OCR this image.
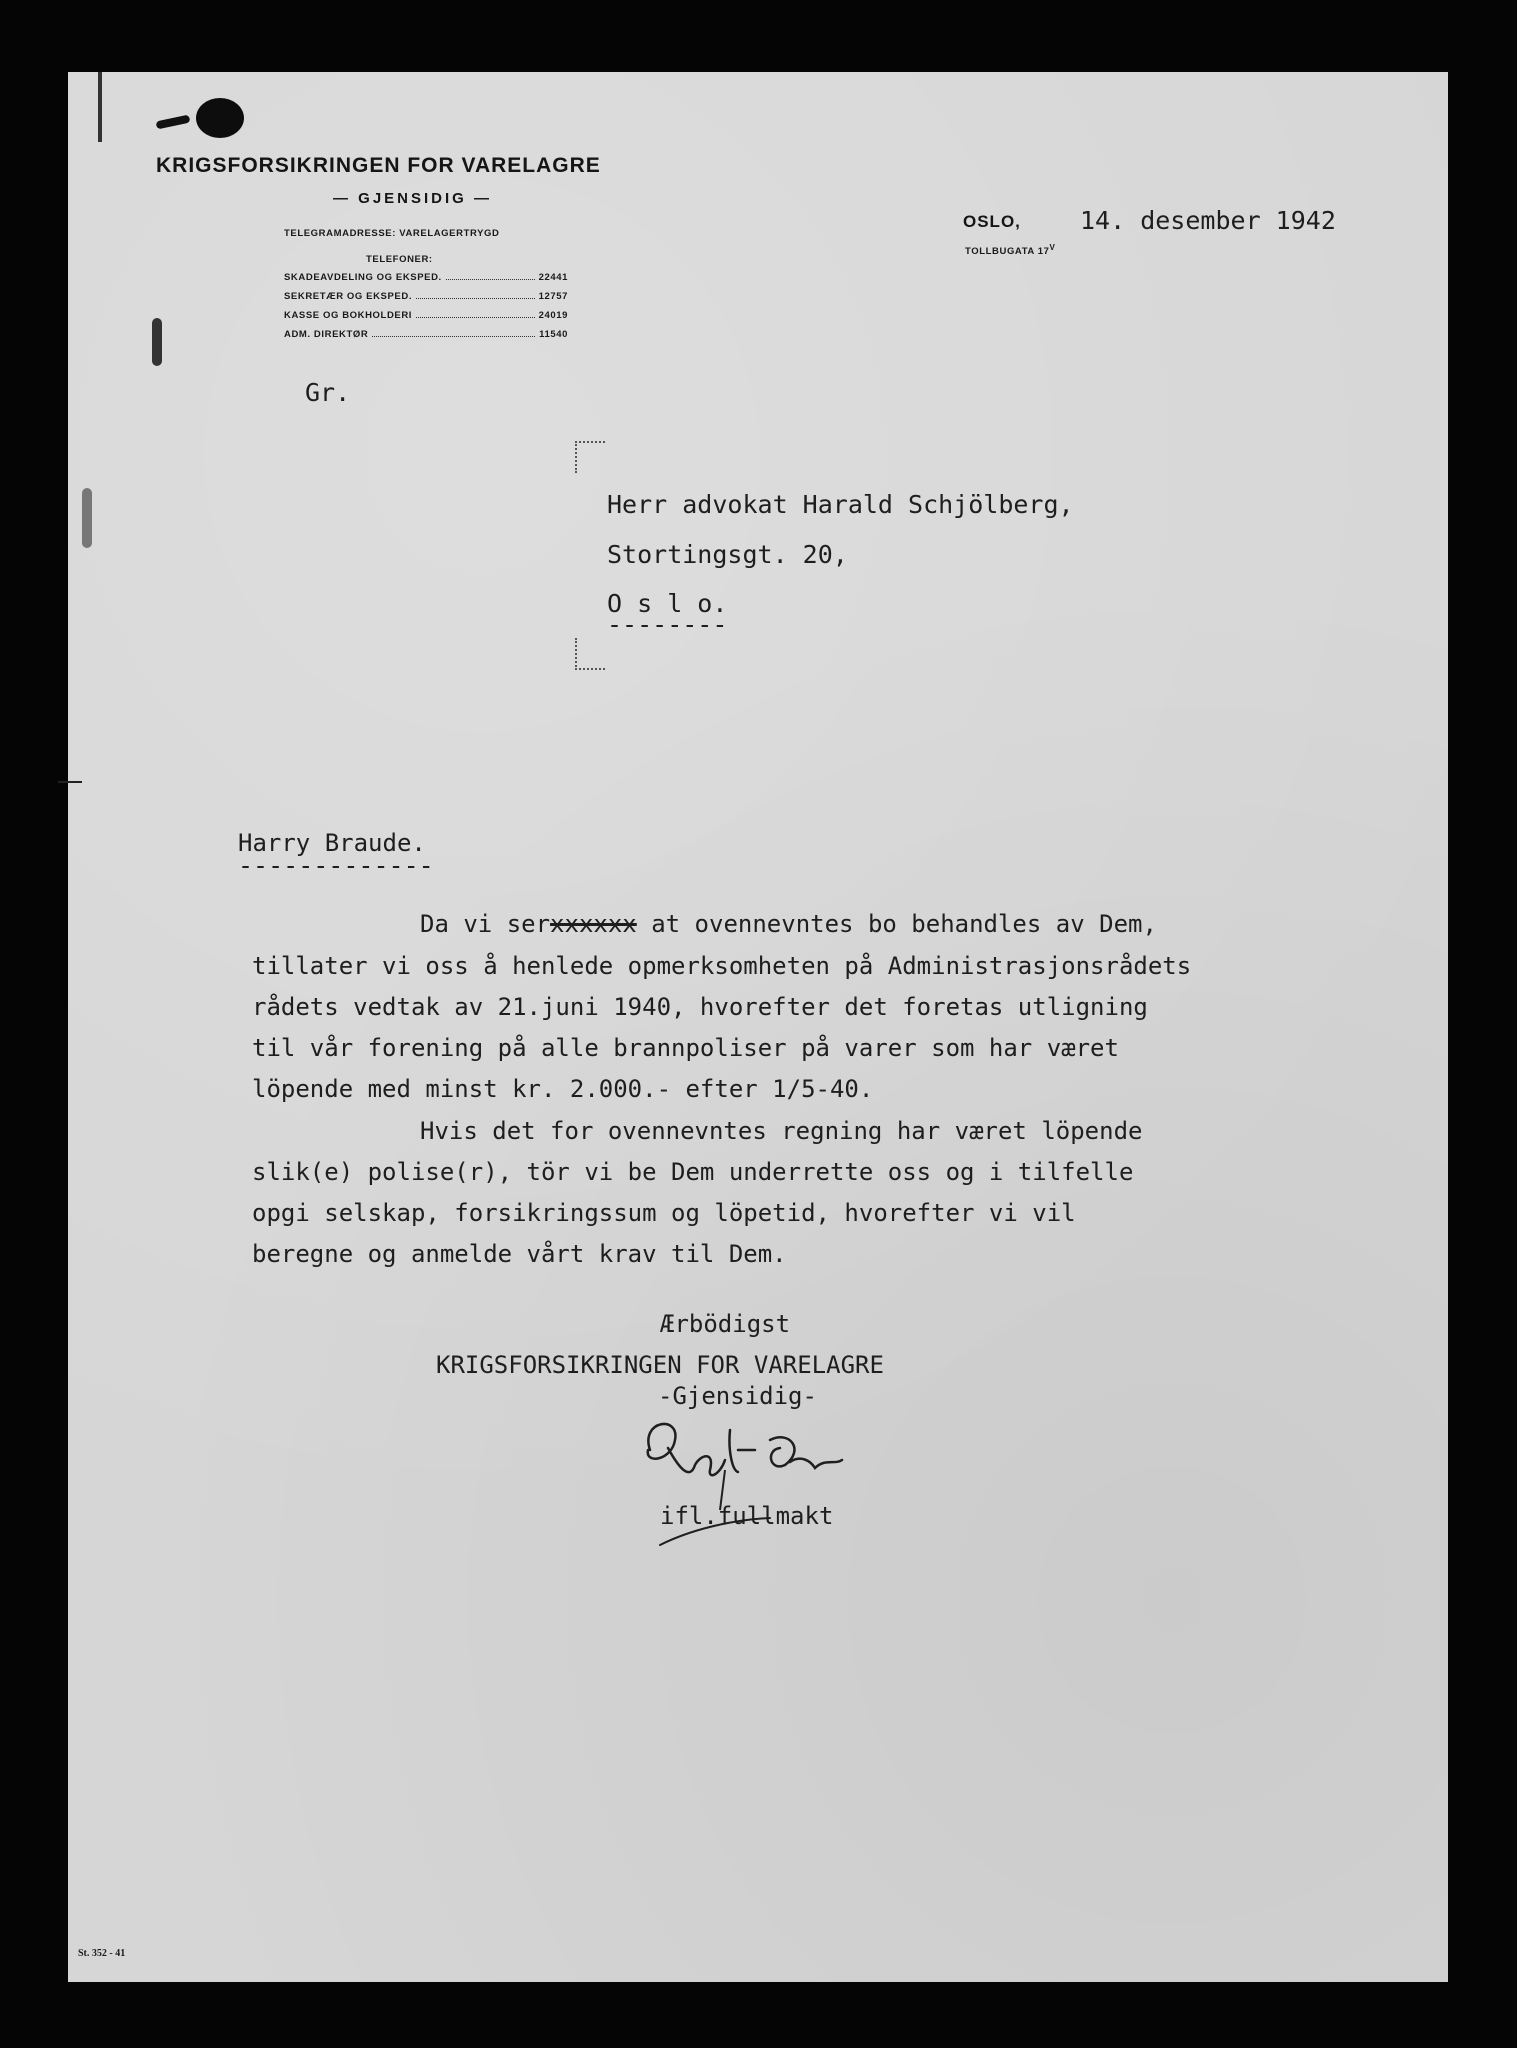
KRIGSFORSIKRINGEN FOR VARELAGRE
— GJENSIDIG —
TELEGRAMADRESSE: VARELAGERTRYGD
TELEFONER:
SKADEAVDELING OG EKSPED.	22441
SEKRETÆR OG EKSPED.	12757
KASSE OG BOKHOLDERI	24019
ADM. DIREKTØR	11540
OSLO,
TOLLBUGATA $17^V$
14. desember 1942
Gr.
Herr advokat Harald Schjölberg,
Stortingsgt. 20,
O s l o.
--------
Harry Braude.
-------------
Da vi serxxxxxx at ovennevntes bo behandles av Dem,
tillater vi oss å henlede opmerksomheten på Administrasjonsrådets
rådets vedtak av 21.juni 1940, hvorefter det foretas utligning
til vår forening på alle brannpoliser på varer som har været
löpende med minst kr. 2.000.- efter 1/5-40.
Hvis det for ovennevntes regning har været löpende
slik(e) polise(r), tör vi be Dem underrette oss og i tilfelle
opgi selskap, forsikringssum og löpetid, hvorefter vi vil
beregne og anmelde vårt krav til Dem.
Ærbödigst
KRIGSFORSIKRINGEN FOR VARELAGRE
-Gjensidig-
ifl.fullmakt
St. 352 - 41
